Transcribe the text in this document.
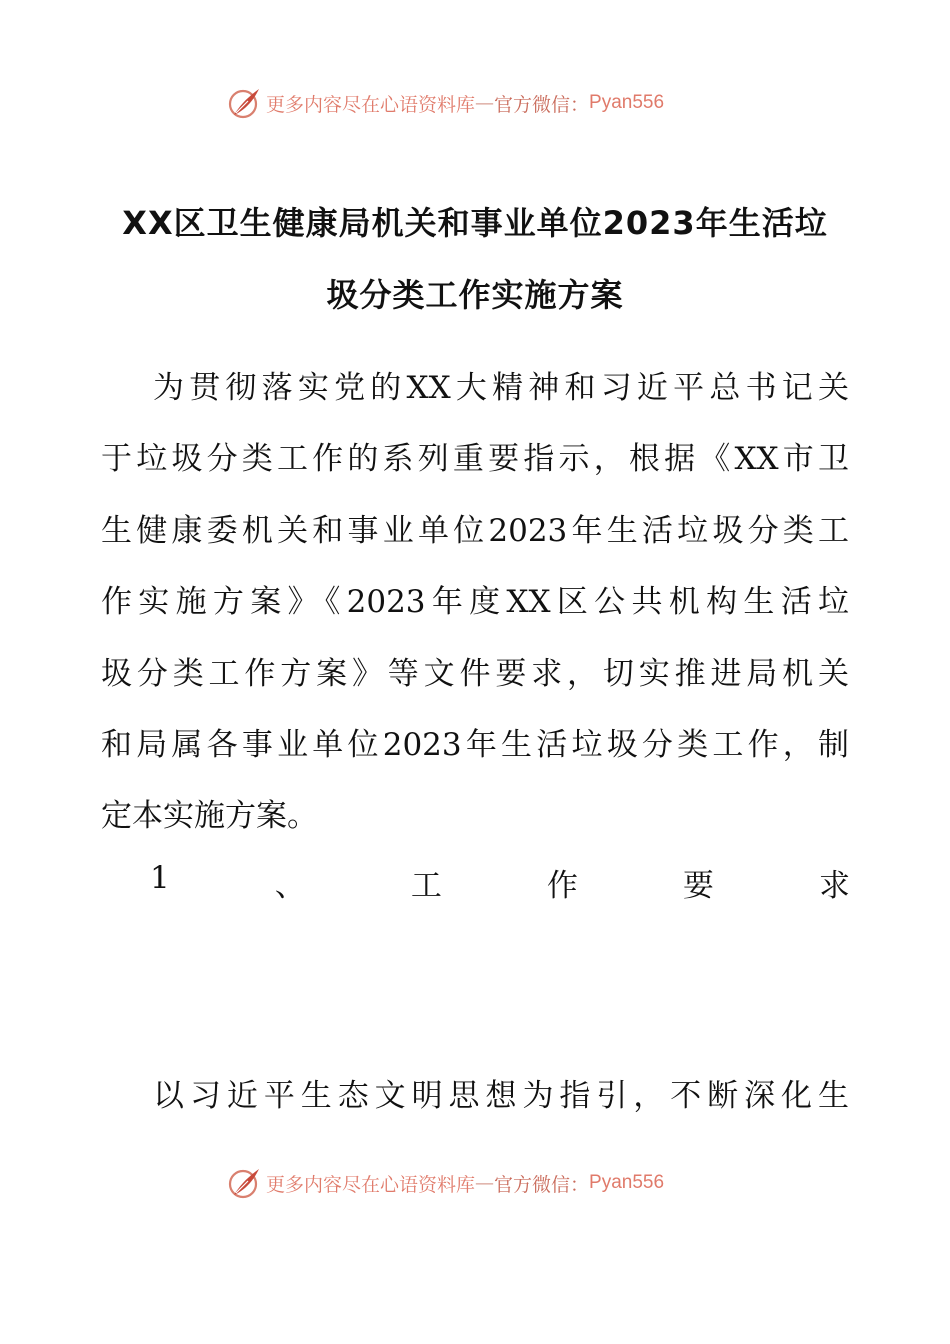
更多内容尽在心语资料库 — 官方微信： Pyan556
XX区卫生健康局机关和事业单位2023年生活垃
圾分类工作实施方案
为贯彻落实党的XX大精神和习近平总书记关
于垃圾分类工作的系列重要指示，根据《XX市卫
生健康委机关和事业单位2023年生活垃圾分类工
作实施方案》《2023年度XX区公共机构生活垃
圾分类工作方案》等文件要求，切实推进局机关
和局属各事业单位2023年生活垃圾分类工作，制
定本实施方案。
1	、	工	作	要	求
以习近平生态文明思想为指引，不断深化生
更多内容尽在心语资料库 — 官方微信： Pyan556
